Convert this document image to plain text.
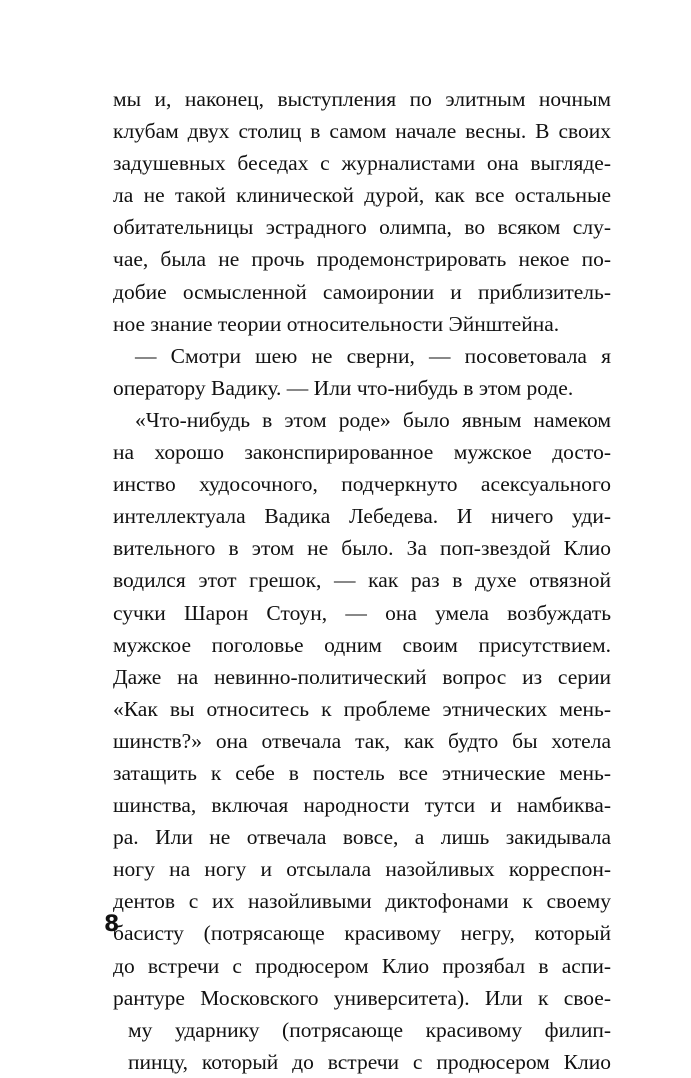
мы и, наконец, выступления по элитным ночным
клубам двух столиц в самом начале весны. В своих
задушевных беседах с журналистами она выгляде-
ла не такой клинической дурой, как все остальные
обитательницы эстрадного олимпа, во всяком слу-
чае, была не прочь продемонстрировать некое по-
добие осмысленной самоиронии и приблизитель-
ное знание теории относительности Эйнштейна.
— Смотри шею не сверни, — посоветовала я
оператору Вадику. — Или что-нибудь в этом роде.
«Что-нибудь в этом роде» было явным намеком
на хорошо законспирированное мужское досто-
инство худосочного, подчеркнуто асексуального
интеллектуала Вадика Лебедева. И ничего уди-
вительного в этом не было. За поп-звездой Клио
водился этот грешок, — как раз в духе отвязной
сучки Шарон Стоун, — она умела возбуждать
мужское поголовье одним своим присутствием.
Даже на невинно-политический вопрос из серии
«Как вы относитесь к проблеме этнических мень-
шинств?» она отвечала так, как будто бы хотела
затащить к себе в постель все этнические мень-
шинства, включая народности тутси и намбиква-
ра. Или не отвечала вовсе, а лишь закидывала
ногу на ногу и отсылала назойливых корреспон-
дентов с их назойливыми диктофонами к своему
басисту (потрясающе красивому негру, который
до встречи с продюсером Клио прозябал в аспи-
рантуре Московского университета). Или к свое-
му ударнику (потрясающе красивому филип-
пинцу, который до встречи с продюсером Клио
8
